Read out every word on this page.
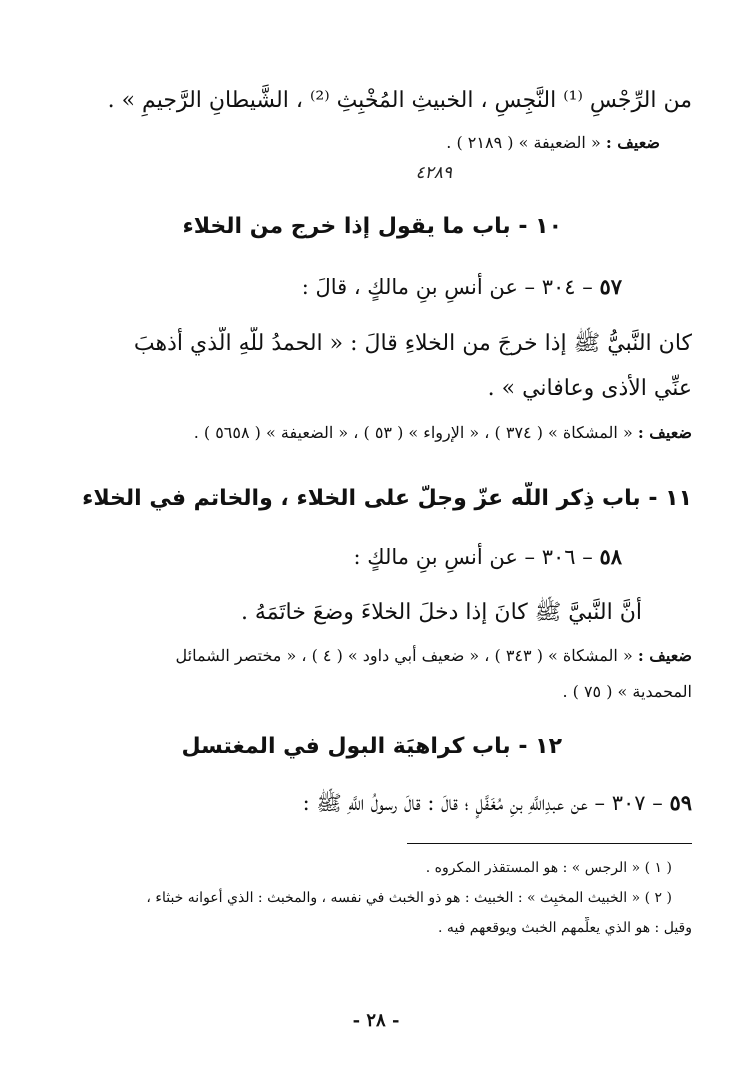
من الرِّجْسِ ⁽¹⁾ النَّجِسِ ، الخبيثِ المُخْبِثِ ⁽²⁾ ، الشَّيطانِ الرَّجيمِ » .
ضعيف : « الضعيفة » ( ٢١٨٩ ) .
٤٢٨٩
١٠ - باب ما يقول إذا خرج من الخلاء
٥٧ – ٣٠٤ – عن أنسِ بنِ مالكٍ ، قالَ :
كان النَّبيُّ ﷺ إذا خرجَ من الخلاءِ قالَ : « الحمدُ للَّهِ الَّذي أذهبَ
عنِّي الأذى وعافاني » .
ضعيف : « المشكاة » ( ٣٧٤ ) ، « الإرواء » ( ٥٣ ) ، « الضعيفة » ( ٥٦٥٨ ) .
١١ - باب ذِكر اللَّه عزّ وجلّ على الخلاء ، والخاتم في الخلاء
٥٨ – ٣٠٦ – عن أنسِ بنِ مالكٍ :
أنَّ النَّبيَّ ﷺ كانَ إذا دخلَ الخلاءَ وضعَ خاتَمَهُ .
ضعيف : « المشكاة » ( ٣٤٣ ) ، « ضعيف أبي داود » ( ٤ ) ، « مختصر الشمائل
المحمدية » ( ٧٥ ) .
١٢ - باب كراهيَة البول في المغتسل
٥٩ – ٣٠٧ – عن عبدِاللَّهِ بنِ مُغَفَّلٍ ؛ قالَ : قالَ رسولُ اللَّهِ ﷺ :
( ١ ) « الرجس » : هو المستقذر المكروه .
( ٢ ) « الخبيث المخبِث » : الخبيث : هو ذو الخبث في نفسه ، والمخبث : الذي أعوانه خبثاء ،
وقيل : هو الذي يعلِّمهم الخبث ويوقعهم فيه .
- ٢٨ -
